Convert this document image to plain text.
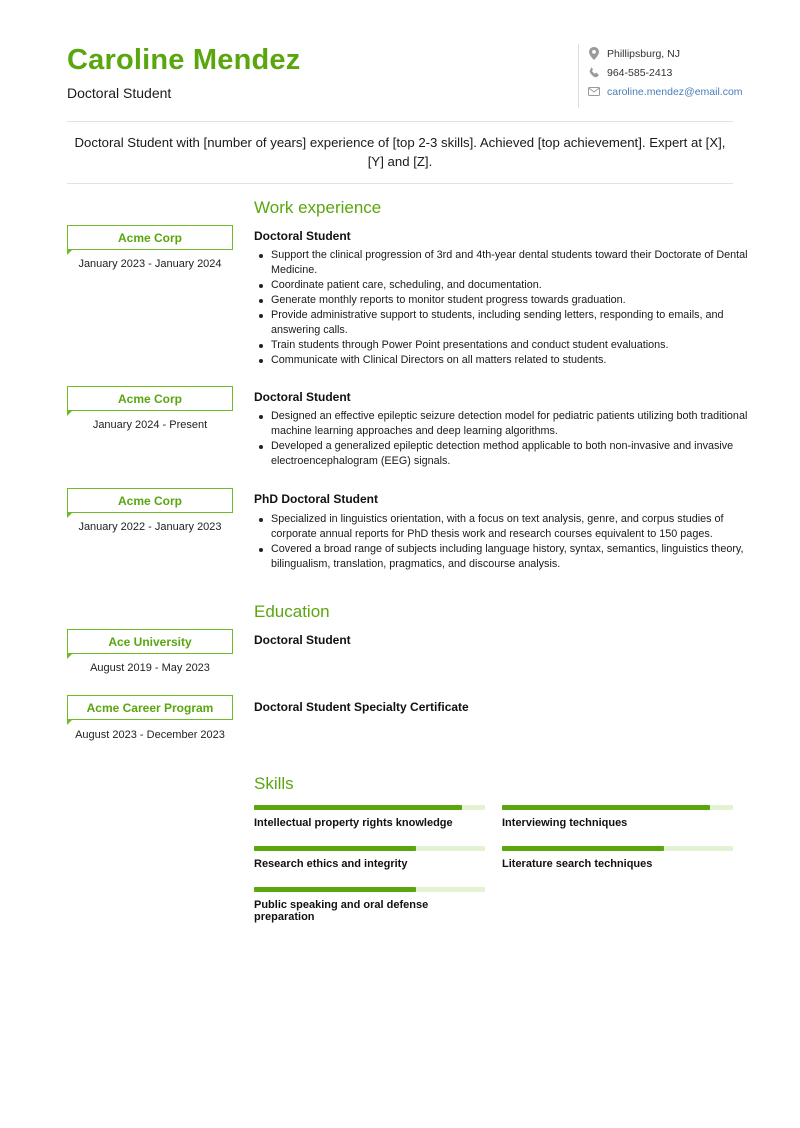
Caroline Mendez
Doctoral Student
Phillipsburg, NJ
964-585-2413
caroline.mendez@email.com
Doctoral Student with [number of years] experience of [top 2-3 skills]. Achieved [top achievement]. Expert at [X], [Y] and [Z].
Work experience
Acme Corp
January 2023 - January 2024
Doctoral Student
Support the clinical progression of 3rd and 4th-year dental students toward their Doctorate of Dental Medicine.
Coordinate patient care, scheduling, and documentation.
Generate monthly reports to monitor student progress towards graduation.
Provide administrative support to students, including sending letters, responding to emails, and answering calls.
Train students through Power Point presentations and conduct student evaluations.
Communicate with Clinical Directors on all matters related to students.
Acme Corp
January 2024 - Present
Doctoral Student
Designed an effective epileptic seizure detection model for pediatric patients utilizing both traditional machine learning approaches and deep learning algorithms.
Developed a generalized epileptic detection method applicable to both non-invasive and invasive electroencephalogram (EEG) signals.
Acme Corp
January 2022 - January 2023
PhD Doctoral Student
Specialized in linguistics orientation, with a focus on text analysis, genre, and corpus studies of corporate annual reports for PhD thesis work and research courses equivalent to 150 pages.
Covered a broad range of subjects including language history, syntax, semantics, linguistics theory, bilingualism, translation, pragmatics, and discourse analysis.
Education
Ace University
August 2019 - May 2023
Doctoral Student
Acme Career Program
August 2023 - December 2023
Doctoral Student Specialty Certificate
Skills
Intellectual property rights knowledge	Interviewing techniques
Research ethics and integrity	Literature search techniques
Public speaking and oral defense preparation
